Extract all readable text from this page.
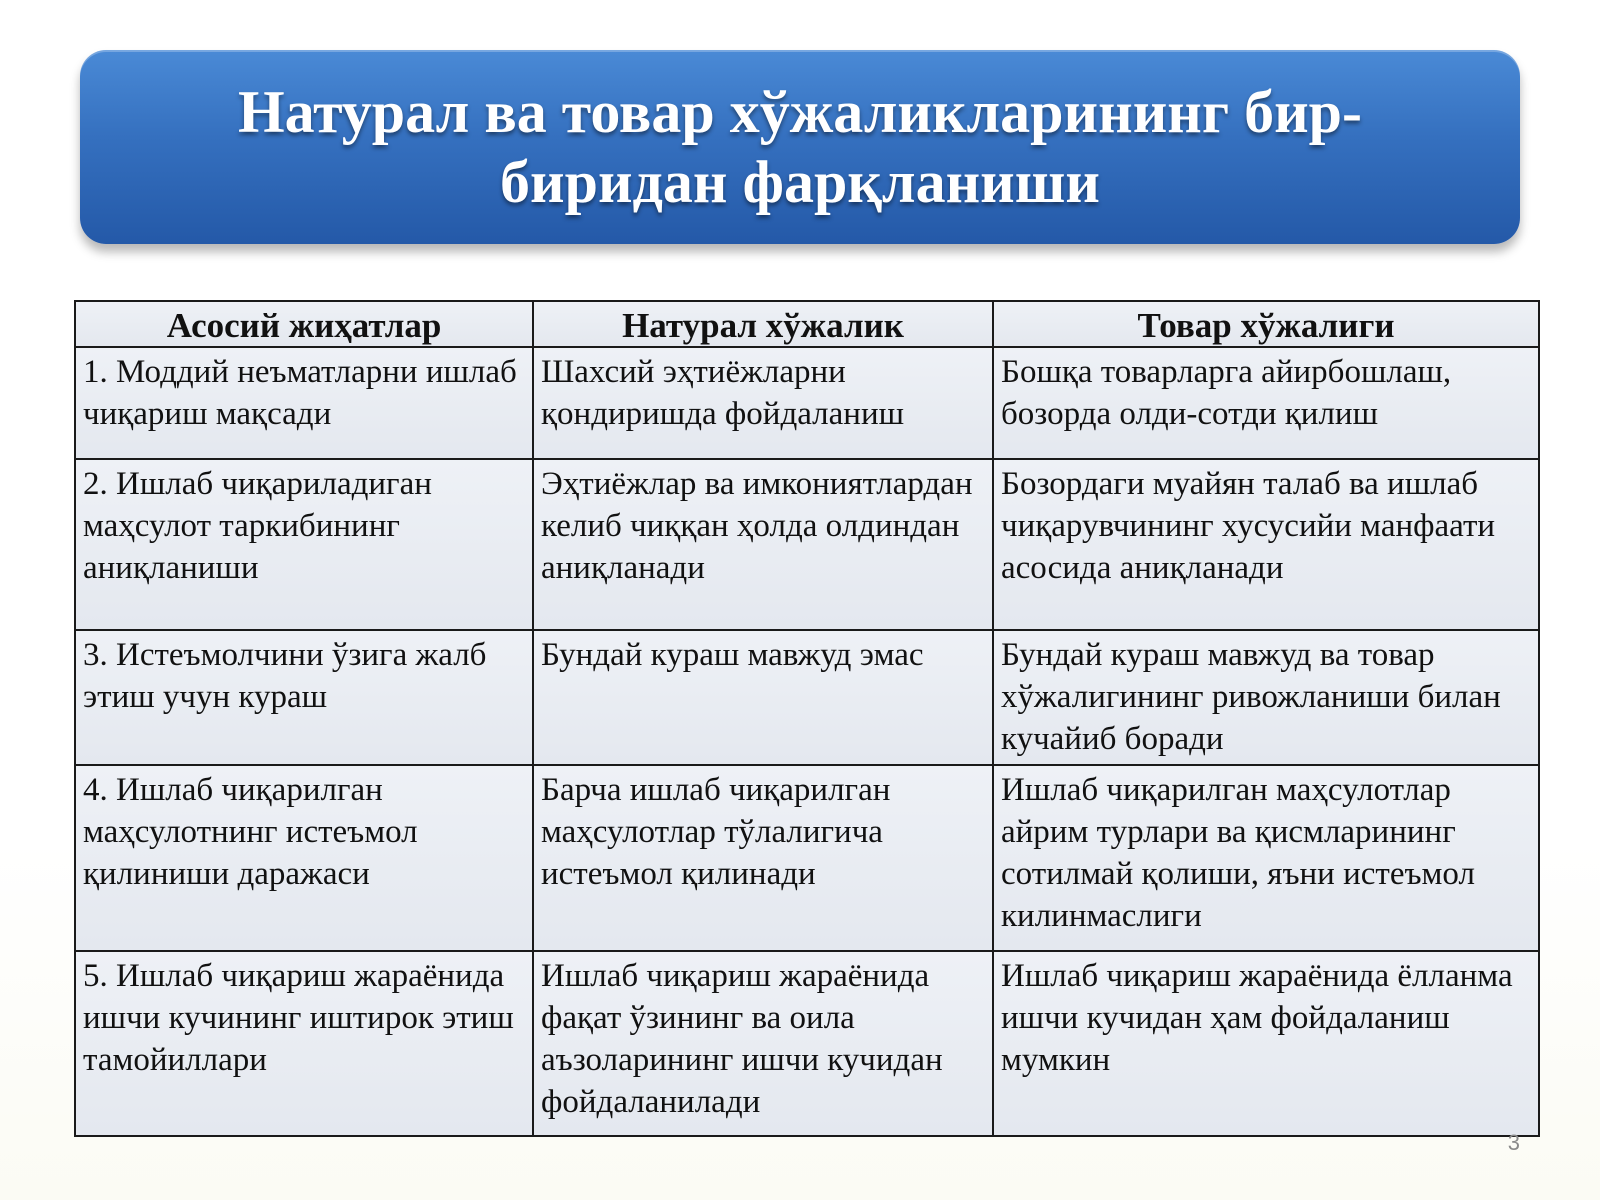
Натурал ва товар хўжаликларининг бир-биридан фарқланиши
Асосий жиҳатлар	Натурал хўжалик	Товар хўжалиги
1. Моддий неъматларни ишлаб чиқариш мақсади	Шахсий эҳтиёжларни қондиришда фойдаланиш	Бошқа товарларга айирбошлаш, бозорда олди-сотди қилиш
2. Ишлаб чиқариладиган маҳсулот таркибининг аниқланиши	Эҳтиёжлар ва имкониятлардан келиб чиққан ҳолда олдиндан аниқланади	Бозордаги муайян талаб ва ишлаб чиқарувчининг хусусийи манфаати асосида аниқланади
3. Истеъмолчини ўзига жалб этиш учун кураш	Бундай кураш мавжуд эмас	Бундай кураш мавжуд ва товар хўжалигининг ривожланиши билан кучайиб боради
4. Ишлаб чиқарилган маҳсулотнинг истеъмол қилиниши даражаси	Барча ишлаб чиқарилган маҳсулотлар тўлалигича истеъмол қилинади	Ишлаб чиқарилган маҳсулотлар айрим турлари ва қисмларининг сотилмай қолиши, яъни истеъмол килинмаслиги
5. Ишлаб чиқариш жараёнида ишчи кучининг иштирок этиш тамойиллари	Ишлаб чиқариш жараёнида фақат ўзининг ва оила аъзоларининг ишчи кучидан фойдаланилади	Ишлаб чиқариш жараёнида ёлланма ишчи кучидан ҳам фойдаланиш мумкин
3
